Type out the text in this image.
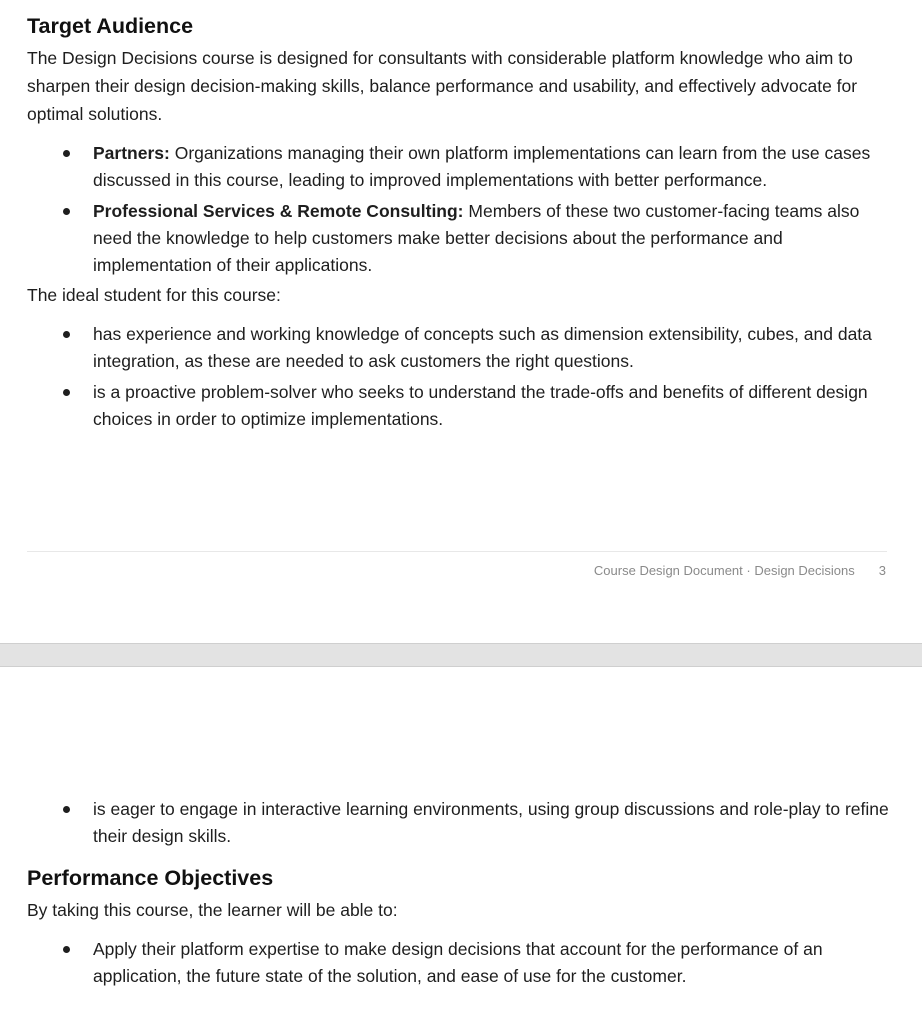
Target Audience

The Design Decisions course is designed for consultants with considerable platform knowledge who aim to sharpen their design decision-making skills, balance performance and usability, and effectively advocate for optimal solutions.

Partners: Organizations managing their own platform implementations can learn from the use cases discussed in this course, leading to improved implementations with better performance.
Professional Services & Remote Consulting: Members of these two customer-facing teams also need the knowledge to help customers make better decisions about the performance and implementation of their applications.

The ideal student for this course:

has experience and working knowledge of concepts such as dimension extensibility, cubes, and data integration, as these are needed to ask customers the right questions.
is a proactive problem-solver who seeks to understand the trade-offs and benefits of different design choices in order to optimize implementations.
Course Design Document · Design Decisions 3
is eager to engage in interactive learning environments, using group discussions and role-play to refine their design skills.
Performance Objectives

By taking this course, the learner will be able to:

Apply their platform expertise to make design decisions that account for the performance of an application, the future state of the solution, and ease of use for the customer.
